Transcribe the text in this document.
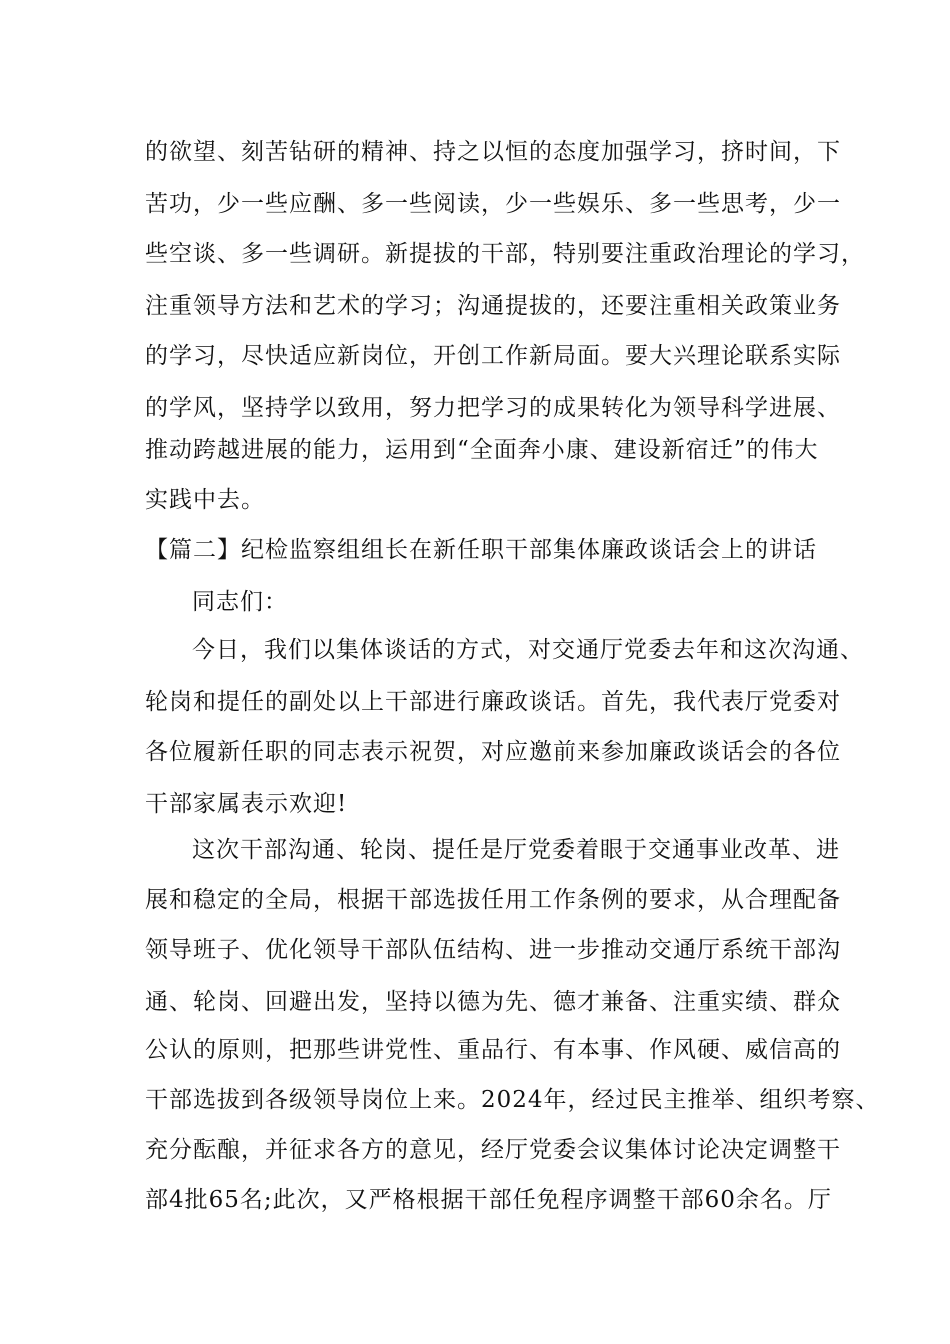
的欲望、刻苦钻研的精神、持之以恒的态度加强学习，挤时间，下
苦功，少一些应酬、多一些阅读，少一些娱乐、多一些思考，少一
些空谈、多一些调研。新提拔的干部，特别要注重政治理论的学习，
注重领导方法和艺术的学习；沟通提拔的，还要注重相关政策业务
的学习，尽快适应新岗位，开创工作新局面。要大兴理论联系实际
的学风，坚持学以致用，努力把学习的成果转化为领导科学进展、
推动跨越进展的能力，运用到“全面奔小康、建设新宿迁”的伟大
实践中去。
【篇二】纪检监察组组长在新任职干部集体廉政谈话会上的讲话
同志们：
今日，我们以集体谈话的方式，对交通厅党委去年和这次沟通、
轮岗和提任的副处以上干部进行廉政谈话。首先，我代表厅党委对
各位履新任职的同志表示祝贺，对应邀前来参加廉政谈话会的各位
干部家属表示欢迎!
这次干部沟通、轮岗、提任是厅党委着眼于交通事业改革、进
展和稳定的全局，根据干部选拔任用工作条例的要求，从合理配备
领导班子、优化领导干部队伍结构、进一步推动交通厅系统干部沟
通、轮岗、回避出发，坚持以德为先、德才兼备、注重实绩、群众
公认的原则，把那些讲党性、重品行、有本事、作风硬、威信高的
干部选拔到各级领导岗位上来。2024年，经过民主推举、组织考察、
充分酝酿，并征求各方的意见，经厅党委会议集体讨论决定调整干
部4批65名;此次，又严格根据干部任免程序调整干部60余名。厅
